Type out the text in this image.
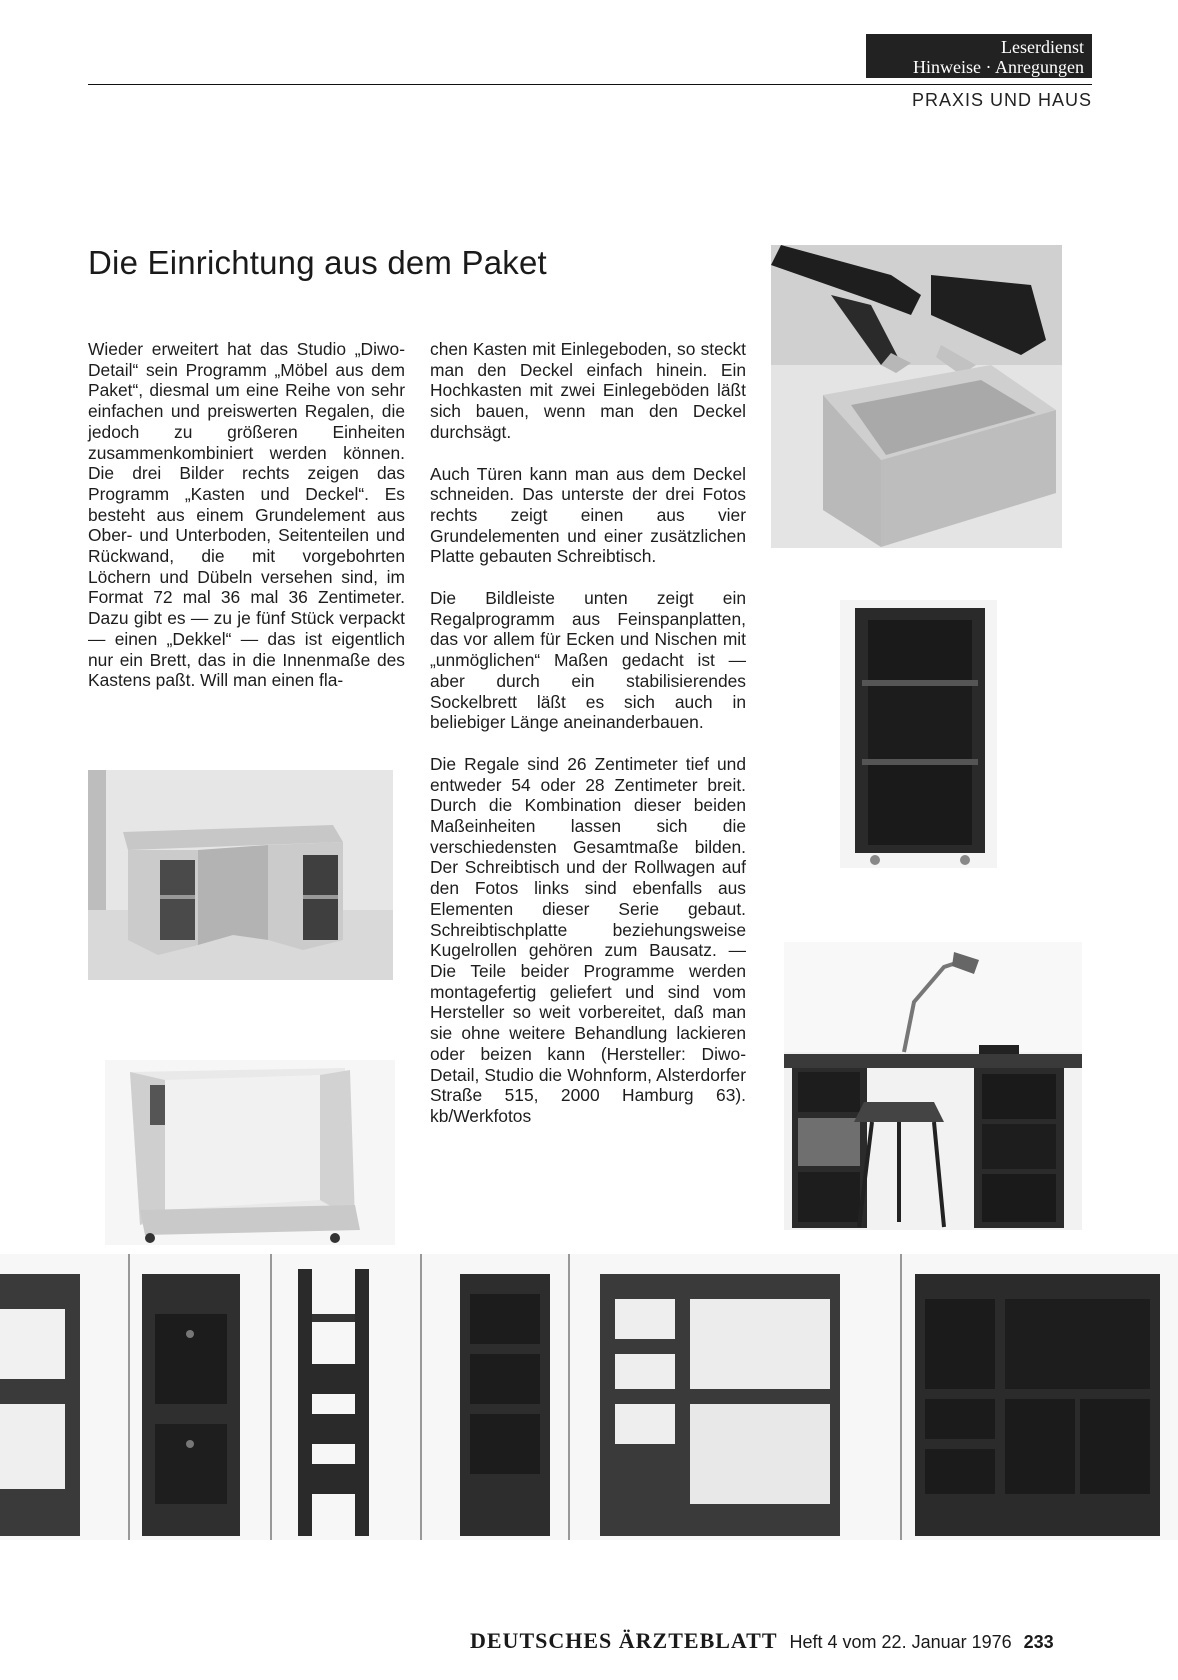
Leserdienst
Hinweise · Anregungen
PRAXIS UND HAUS
Die Einrichtung aus dem Paket

Wieder erweitert hat das Studio „Diwo-Detail“ sein Programm „Möbel aus dem Paket“, diesmal um eine Reihe von sehr einfachen und preiswerten Regalen, die jedoch zu größeren Einheiten zusammenkombiniert werden können. Die drei Bilder rechts zeigen das Programm „Kasten und Deckel“. Es besteht aus einem Grundelement aus Ober- und Unterboden, Seitenteilen und Rückwand, die mit vorgebohrten Löchern und Dübeln versehen sind, im Format 72 mal 36 mal 36 Zentimeter. Dazu gibt es — zu je fünf Stück verpackt — einen „Dekkel“ — das ist eigentlich nur ein Brett, das in die Innenmaße des Kastens paßt. Will man einen fla-

chen Kasten mit Einlegeboden, so steckt man den Deckel einfach hinein. Ein Hochkasten mit zwei Einlegeböden läßt sich bauen, wenn man den Deckel durchsägt.

Auch Türen kann man aus dem Deckel schneiden. Das unterste der drei Fotos rechts zeigt einen aus vier Grundelementen und einer zusätzlichen Platte gebauten Schreibtisch.

Die Bildleiste unten zeigt ein Regalprogramm aus Feinspanplatten, das vor allem für Ecken und Nischen mit „unmöglichen“ Maßen gedacht ist — aber durch ein stabilisierendes Sockelbrett läßt es sich auch in beliebiger Länge aneinanderbauen.

Die Regale sind 26 Zentimeter tief und entweder 54 oder 28 Zentimeter breit. Durch die Kombination dieser beiden Maßeinheiten lassen sich die verschiedensten Gesamtmaße bilden. Der Schreibtisch und der Rollwagen auf den Fotos links sind ebenfalls aus Elementen dieser Serie gebaut. Schreibtischplatte beziehungsweise Kugelrollen gehören zum Bausatz. — Die Teile beider Programme werden montagefertig geliefert und sind vom Hersteller so weit vorbereitet, daß man sie ohne weitere Behandlung lackieren oder beizen kann (Hersteller: Diwo-Detail, Studio die Wohnform, Alsterdorfer Straße 515, 2000 Hamburg 63). kb/Werkfotos

DEUTSCHES ÄRZTEBLATT Heft 4 vom 22. Januar 1976 233
